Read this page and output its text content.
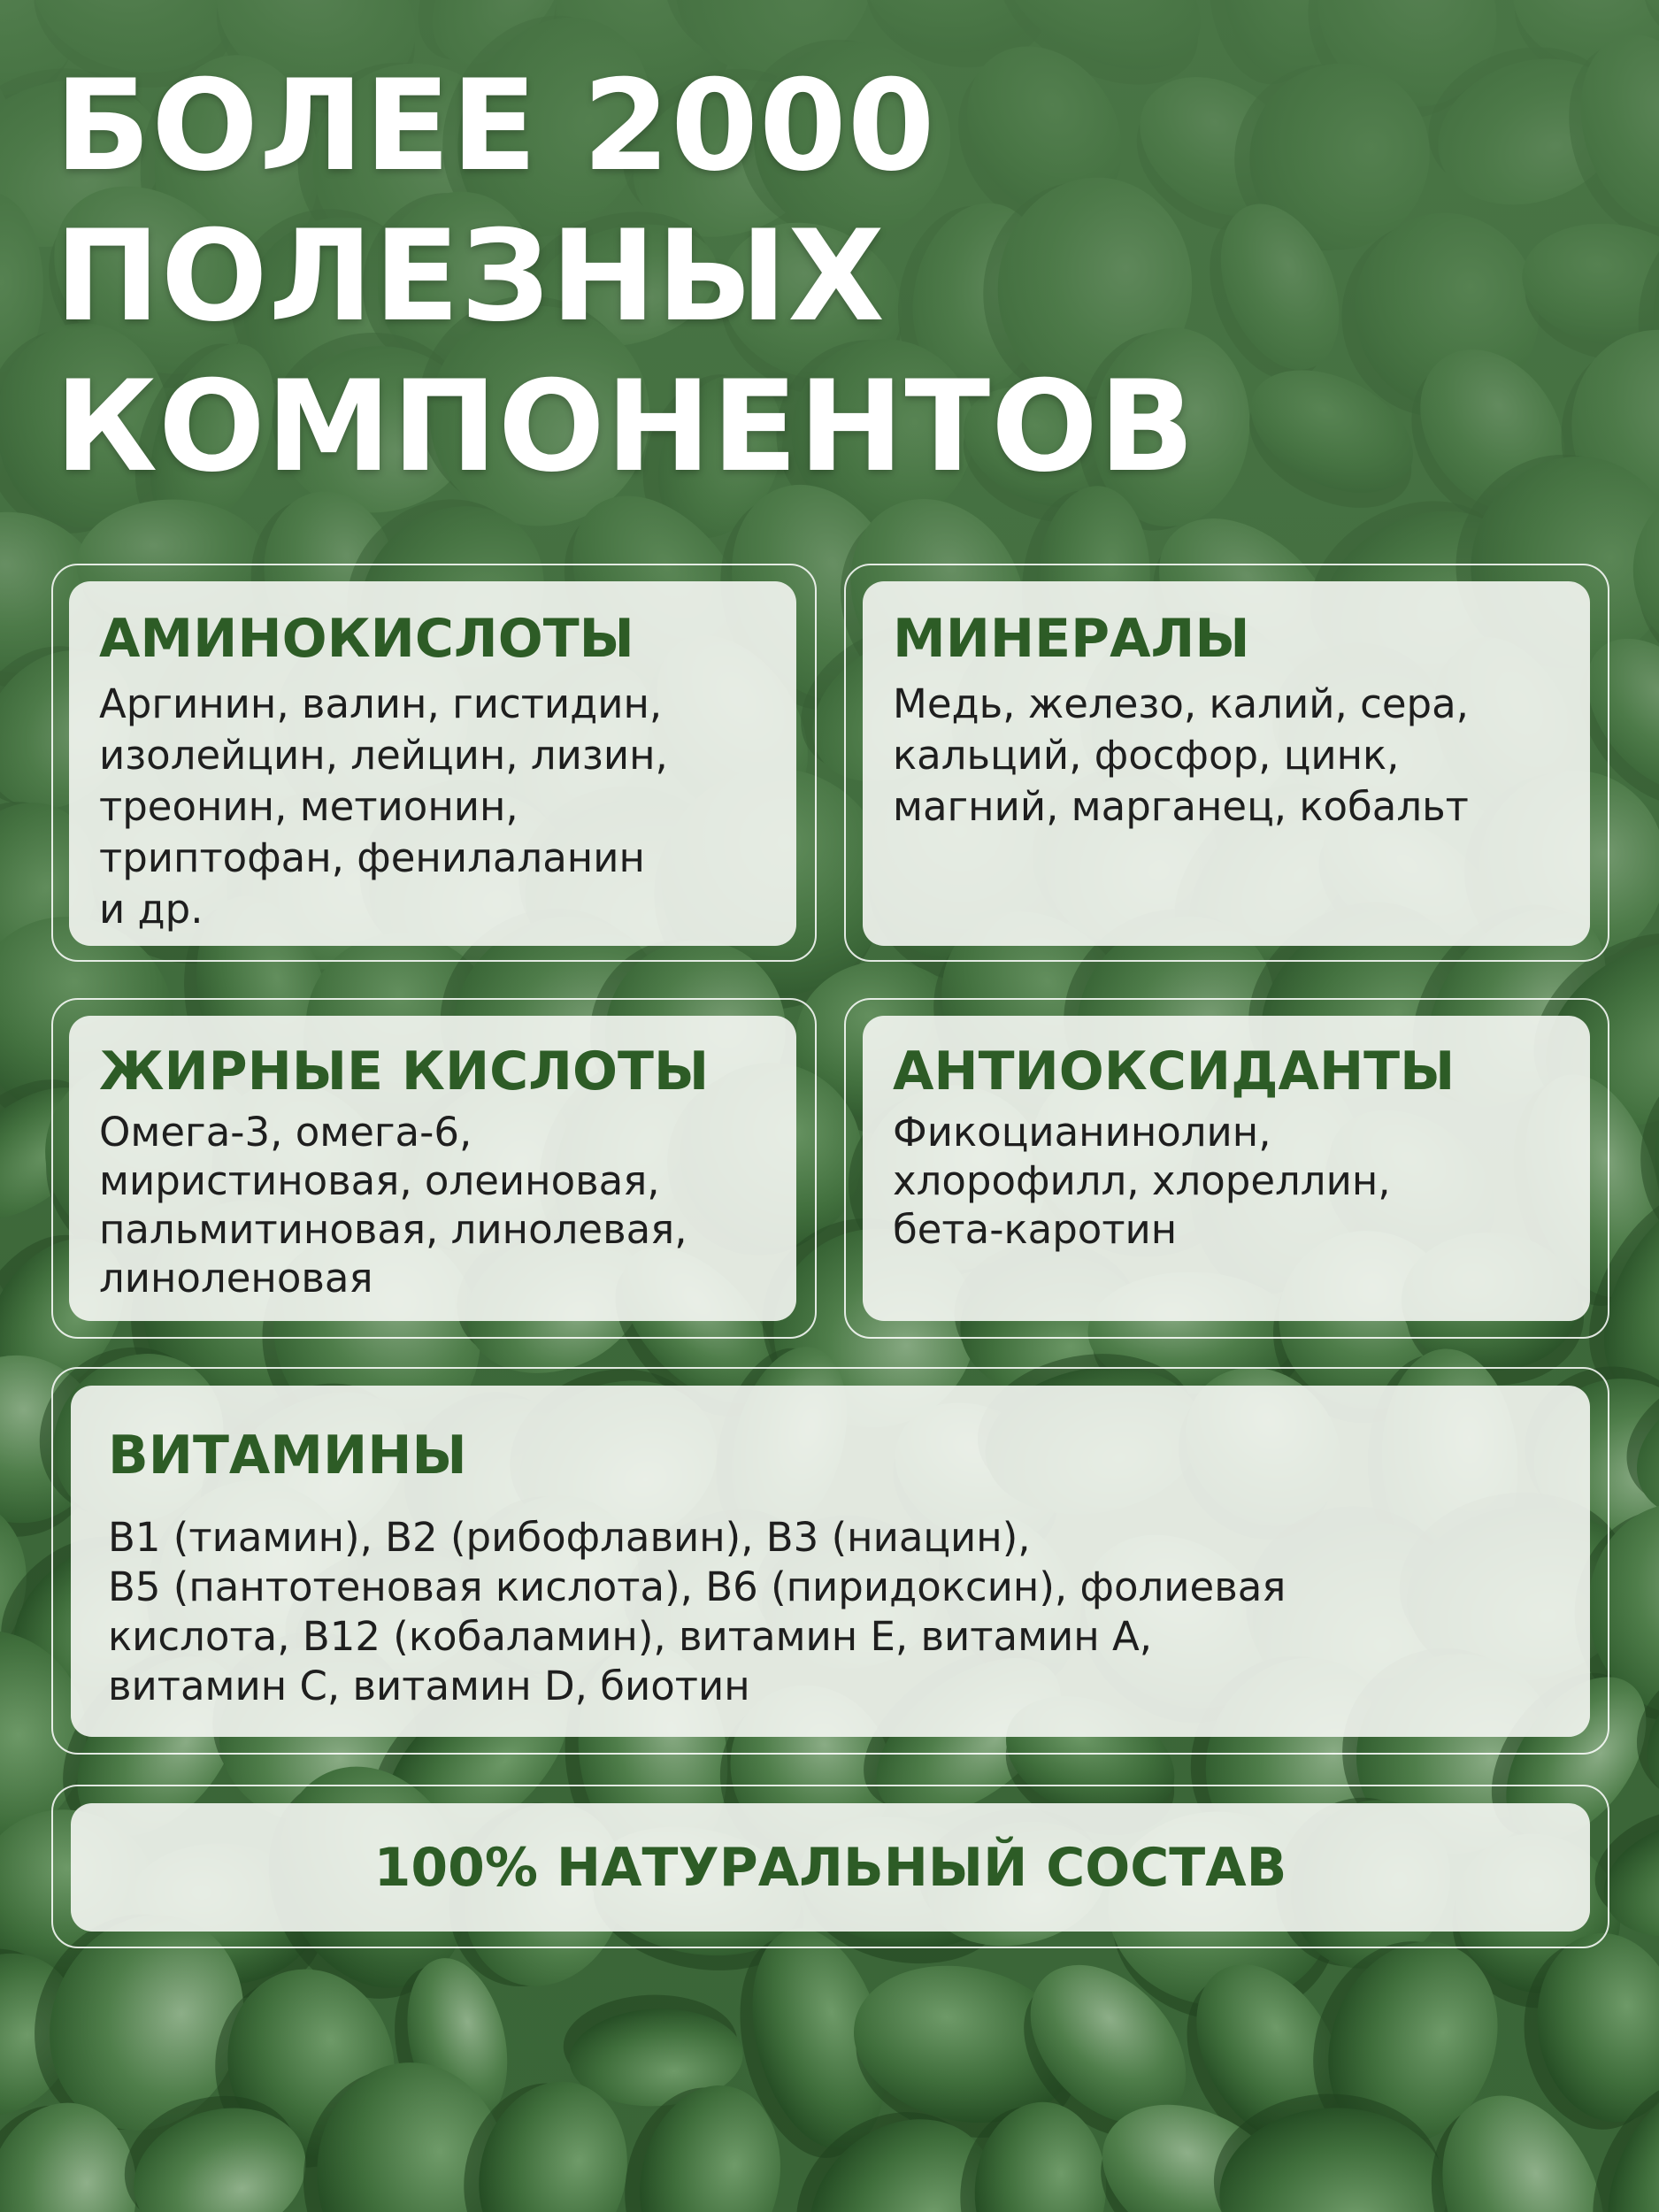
БОЛЕЕ 2000
ПОЛЕЗНЫХ
КОМПОНЕНТОВ

АМИНОКИСЛОТЫ

Аргинин, валин, гистидин,
изолейцин, лейцин, лизин,
треонин, метионин,
триптофан, фенилаланин
и др.

МИНЕРАЛЫ

Медь, железо, калий, сера,
кальций, фосфор, цинк,
магний, марганец, кобальт

ЖИРНЫЕ КИСЛОТЫ

Омега-3, омега-6,
миристиновая, олеиновая,
пальмитиновая, линолевая,
линоленовая

АНТИОКСИДАНТЫ

Фикоцианинолин,
хлорофилл, хлореллин,
бета-каротин

ВИТАМИНЫ

В1 (тиамин), В2 (рибофлавин), В3 (ниацин),
В5 (пантотеновая кислота), В6 (пиридоксин), фолиевая
кислота, В12 (кобаламин), витамин Е, витамин А,
витамин С, витамин D, биотин

100% НАТУРАЛЬНЫЙ СОСТАВ
